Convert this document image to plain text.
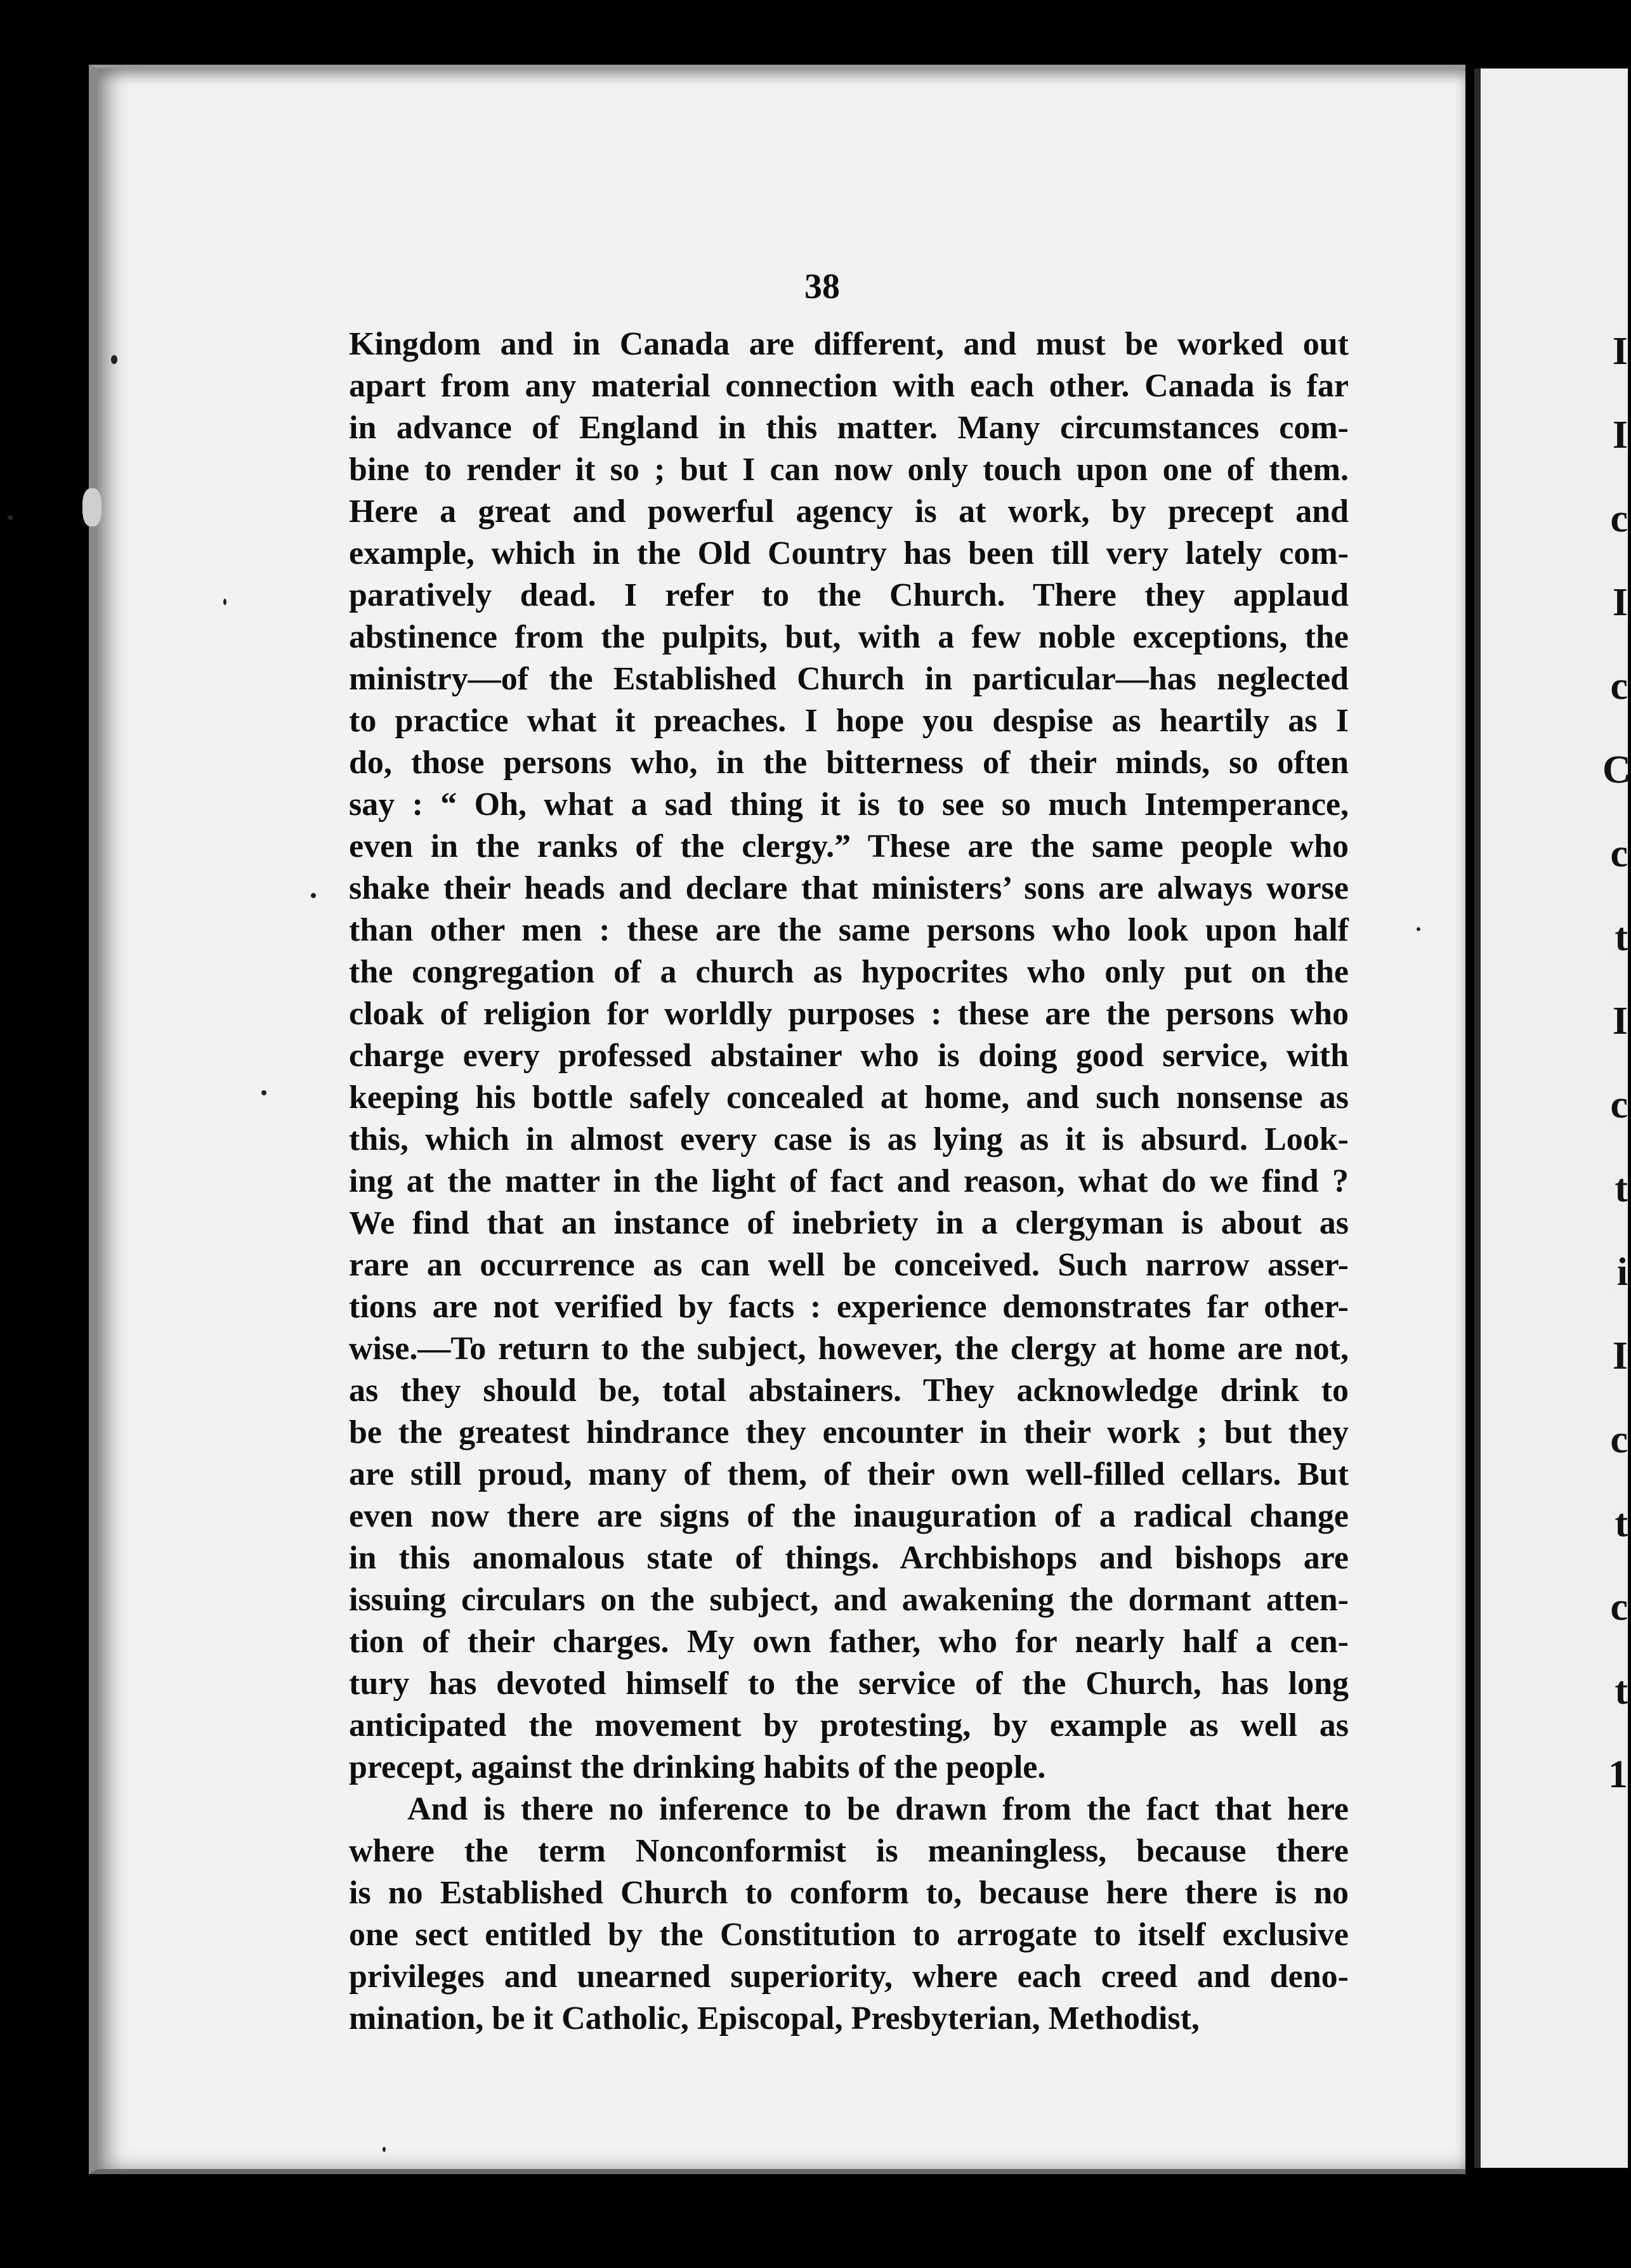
I
I
c
I
c
C
c
t
I
c
t
i
I
c
t
c
t
1
38
Kingdom and in Canada are different, and must be worked out
apart from any material connection with each other. Canada is far
in advance of England in this matter. Many circumstances com-
bine to render it so ; but I can now only touch upon one of them.
Here a great and powerful agency is at work, by precept and
example, which in the Old Country has been till very lately com-
paratively dead. I refer to the Church. There they applaud
abstinence from the pulpits, but, with a few noble exceptions, the
ministry—of the Established Church in particular—has neglected
to practice what it preaches. I hope you despise as heartily as I
do, those persons who, in the bitterness of their minds, so often
say : “ Oh, what a sad thing it is to see so much Intemperance,
even in the ranks of the clergy.” These are the same people who
shake their heads and declare that ministers’ sons are always worse
than other men : these are the same persons who look upon half
the congregation of a church as hypocrites who only put on the
cloak of religion for worldly purposes : these are the persons who
charge every professed abstainer who is doing good service, with
keeping his bottle safely concealed at home, and such nonsense as
this, which in almost every case is as lying as it is absurd. Look-
ing at the matter in the light of fact and reason, what do we find ?
We find that an instance of inebriety in a clergyman is about as
rare an occurrence as can well be conceived. Such narrow asser-
tions are not verified by facts : experience demonstrates far other-
wise.—To return to the subject, however, the clergy at home are not,
as they should be, total abstainers. They acknowledge drink to
be the greatest hindrance they encounter in their work ; but they
are still proud, many of them, of their own well-filled cellars. But
even now there are signs of the inauguration of a radical change
in this anomalous state of things. Archbishops and bishops are
issuing circulars on the subject, and awakening the dormant atten-
tion of their charges. My own father, who for nearly half a cen-
tury has devoted himself to the service of the Church, has long
anticipated the movement by protesting, by example as well as
precept, against the drinking habits of the people.
And is there no inference to be drawn from the fact that here
where the term Nonconformist is meaningless, because there
is no Established Church to conform to, because here there is no
one sect entitled by the Constitution to arrogate to itself exclusive
privileges and unearned superiority, where each creed and deno-
mination, be it Catholic, Episcopal, Presbyterian, Methodist,
